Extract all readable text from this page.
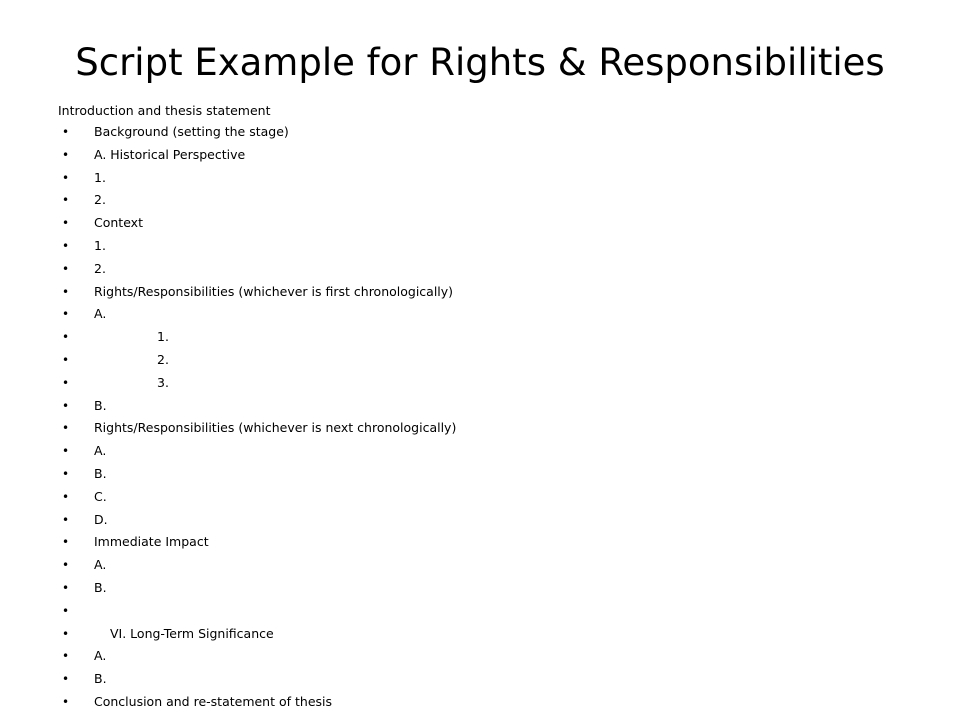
Script Example for Rights & Responsibilities
Introduction and thesis statement
• Background (setting the stage)
• A. Historical Perspective
• 1.
• 2.
• Context
• 1.
• 2.
• Rights/Responsibilities (whichever is first chronologically)
• A.
•	1.
•	2.
•	3.
• B.
• Rights/Responsibilities (whichever is next chronologically)
• A.
• B.
• C.
• D.
• Immediate Impact
• A.
• B.
•
•	VI. Long-Term Significance
• A.
• B.
• Conclusion and re-statement of thesis
